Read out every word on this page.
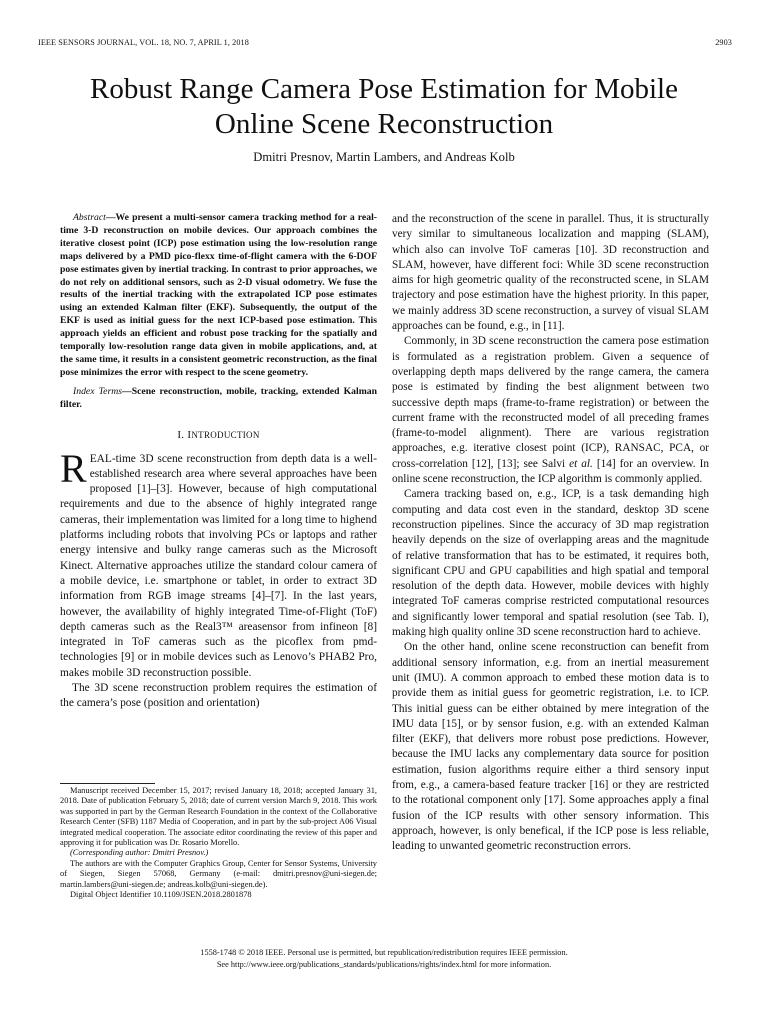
IEEE SENSORS JOURNAL, VOL. 18, NO. 7, APRIL 1, 2018	2903
Robust Range Camera Pose Estimation for Mobile
Online Scene Reconstruction
Dmitri Presnov, Martin Lambers, and Andreas Kolb

Abstract—We present a multi-sensor camera tracking method for a real-time 3-D reconstruction on mobile devices. Our approach combines the iterative closest point (ICP) pose estimation using the low-resolution range maps delivered by a PMD pico-flexx time-of-flight camera with the 6-DOF pose estimates given by inertial tracking. In contrast to prior approaches, we do not rely on additional sensors, such as 2-D visual odometry. We fuse the results of the inertial tracking with the extrapolated ICP pose estimates using an extended Kalman filter (EKF). Subsequently, the output of the EKF is used as initial guess for the next ICP-based pose estimation. This approach yields an efficient and robust pose tracking for the spatially and temporally low-resolution range data given in mobile applications, and, at the same time, it results in a consistent geometric reconstruction, as the final pose minimizes the error with respect to the scene geometry.

Index Terms—Scene reconstruction, mobile, tracking, extended Kalman filter.

I. INTRODUCTION

REAL-time 3D scene reconstruction from depth data is a well-established research area where several approaches have been proposed [1]–[3]. However, because of high computational requirements and due to the absence of highly integrated range cameras, their implementation was limited for a long time to highend platforms including robots that involving PCs or laptops and rather energy intensive and bulky range cameras such as the Microsoft Kinect. Alternative approaches utilize the standard colour camera of a mobile device, i.e. smartphone or tablet, in order to extract 3D information from RGB image streams [4]–[7]. In the last years, however, the availability of highly integrated Time-of-Flight (ToF) depth cameras such as the Real3™ areasensor from infineon [8] integrated in ToF cameras such as the picoflex from pmd-technologies [9] or in mobile devices such as Lenovo’s PHAB2 Pro, makes mobile 3D reconstruction possible.

The 3D scene reconstruction problem requires the estimation of the camera’s pose (position and orientation)

Manuscript received December 15, 2017; revised January 18, 2018; accepted January 31, 2018. Date of publication February 5, 2018; date of current version March 9, 2018. This work was supported in part by the German Research Foundation in the context of the Collaborative Research Center (SFB) 1187 Media of Cooperation, and in part by the sub-project A06 Visual integrated medical cooperation. The associate editor coordinating the review of this paper and approving it for publication was Dr. Rosario Morello.

(Corresponding author: Dmitri Presnov.)

The authors are with the Computer Graphics Group, Center for Sensor Systems, University of Siegen, Siegen 57068, Germany (e-mail: dmitri.presnov@uni-siegen.de; martin.lambers@uni-siegen.de; andreas.kolb@uni-siegen.de).

Digital Object Identifier 10.1109/JSEN.2018.2801878

and the reconstruction of the scene in parallel. Thus, it is structurally very similar to simultaneous localization and mapping (SLAM), which also can involve ToF cameras [10]. 3D reconstruction and SLAM, however, have different foci: While 3D scene reconstruction aims for high geometric quality of the reconstructed scene, in SLAM trajectory and pose estimation have the highest priority. In this paper, we mainly address 3D scene reconstruction, a survey of visual SLAM approaches can be found, e.g., in [11].

Commonly, in 3D scene reconstruction the camera pose estimation is formulated as a registration problem. Given a sequence of overlapping depth maps delivered by the range camera, the camera pose is estimated by finding the best alignment between two successive depth maps (frame-to-frame registration) or between the current frame with the reconstructed model of all preceding frames (frame-to-model alignment). There are various registration approaches, e.g. iterative closest point (ICP), RANSAC, PCA, or cross-correlation [12], [13]; see Salvi et al. [14] for an overview. In online scene reconstruction, the ICP algorithm is commonly applied.

Camera tracking based on, e.g., ICP, is a task demanding high computing and data cost even in the standard, desktop 3D scene reconstruction pipelines. Since the accuracy of 3D map registration heavily depends on the size of overlapping areas and the magnitude of relative transformation that has to be estimated, it requires both, significant CPU and GPU capabilities and high spatial and temporal resolution of the depth data. However, mobile devices with highly integrated ToF cameras comprise restricted computational resources and significantly lower temporal and spatial resolution (see Tab. I), making high quality online 3D scene reconstruction hard to achieve.

On the other hand, online scene reconstruction can benefit from additional sensory information, e.g. from an inertial measurement unit (IMU). A common approach to embed these motion data is to provide them as initial guess for geometric registration, i.e. to ICP. This initial guess can be either obtained by mere integration of the IMU data [15], or by sensor fusion, e.g. with an extended Kalman filter (EKF), that delivers more robust pose predictions. However, because the IMU lacks any complementary data source for position estimation, fusion algorithms require either a third sensory input from, e.g., a camera-based feature tracker [16] or they are restricted to the rotational component only [17]. Some approaches apply a final fusion of the ICP results with other sensory information. This approach, however, is only benefical, if the ICP pose is less reliable, leading to unwanted geometric reconstruction errors.

1558-1748 © 2018 IEEE. Personal use is permitted, but republication/redistribution requires IEEE permission.
See http://www.ieee.org/publications_standards/publications/rights/index.html for more information.
